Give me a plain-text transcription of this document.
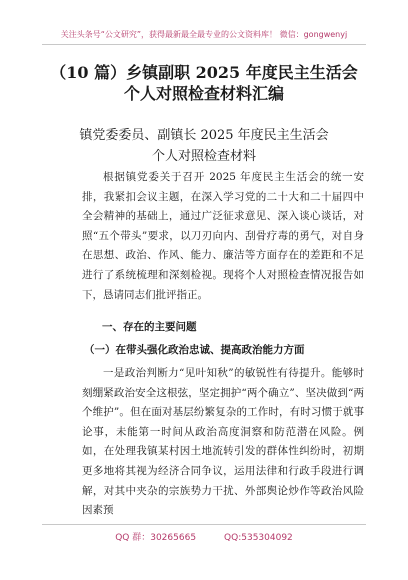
关注头条号“公文研究”，获得最新最全最专业的公文资料库！ 微信：gongwenyj
（10 篇）乡镇副职 2025 年度民主生活会
个人对照检查材料汇编
镇党委委员、副镇长 2025 年度民主生活会
个人对照检查材料

根据镇党委关于召开 2025 年度民主生活会的统一安排，我紧扣会议主题，在深入学习党的二十大和二十届四中全会精神的基础上，通过广泛征求意见、深入谈心谈话，对照“五个带头”要求，以刀刃向内、刮骨疗毒的勇气，对自身在思想、政治、作风、能力、廉洁等方面存在的差距和不足进行了系统梳理和深刻检视。现将个人对照检查情况报告如下，恳请同志们批评指正。

一、存在的主要问题
（一）在带头强化政治忠诚、提高政治能力方面

一是政治判断力“见叶知秋”的敏锐性有待提升。能够时刻绷紧政治安全这根弦，坚定拥护“两个确立”、坚决做到“两个维护”。但在面对基层纷繁复杂的工作时，有时习惯于就事论事，未能第一时间从政治高度洞察和防范潜在风险。例如，在处理我镇某村因土地流转引发的群体性纠纷时，初期更多地将其视为经济合同争议，运用法律和行政手段进行调解，对其中夹杂的宗族势力干扰、外部舆论炒作等政治风险因素预

QQ 群：30265665	QQ:535304092
